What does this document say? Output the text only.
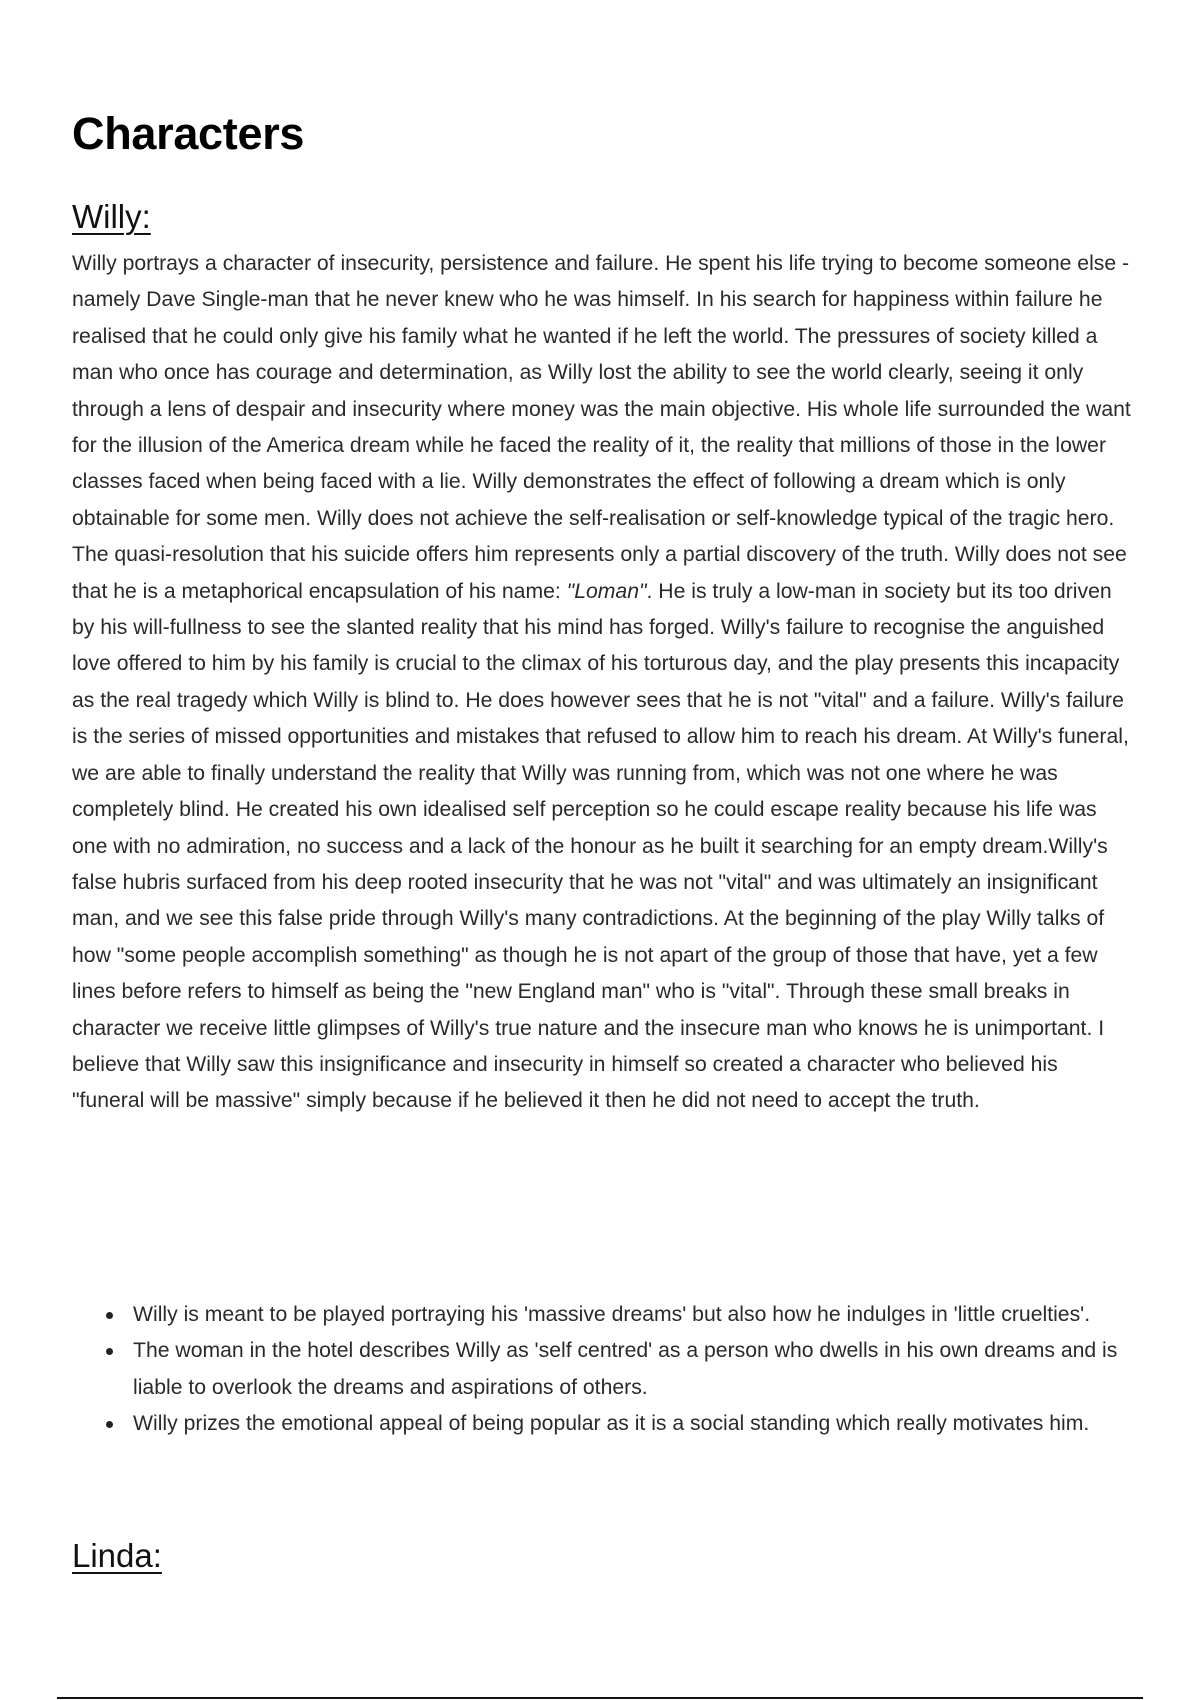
Characters
Willy:

Willy portrays a character of insecurity, persistence and failure. He spent his life trying to become someone else - namely Dave Single-man that he never knew who he was himself. In his search for happiness within failure he realised that he could only give his family what he wanted if he left the world. The pressures of society killed a man who once has courage and determination, as Willy lost the ability to see the world clearly, seeing it only through a lens of despair and insecurity where money was the main objective. His whole life surrounded the want for the illusion of the America dream while he faced the reality of it, the reality that millions of those in the lower classes faced when being faced with a lie. Willy demonstrates the effect of following a dream which is only obtainable for some men. Willy does not achieve the self-realisation or self-knowledge typical of the tragic hero. The quasi-resolution that his suicide offers him represents only a partial discovery of the truth. Willy does not see that he is a metaphorical encapsulation of his name: "Loman". He is truly a low-man in society but its too driven by his will-fullness to see the slanted reality that his mind has forged. Willy's failure to recognise the anguished love offered to him by his family is crucial to the climax of his torturous day, and the play presents this incapacity as the real tragedy which Willy is blind to. He does however sees that he is not "vital" and a failure. Willy's failure is the series of missed opportunities and mistakes that refused to allow him to reach his dream. At Willy's funeral, we are able to finally understand the reality that Willy was running from, which was not one where he was completely blind. He created his own idealised self perception so he could escape reality because his life was one with no admiration, no success and a lack of the honour as he built it searching for an empty dream.Willy's false hubris surfaced from his deep rooted insecurity that he was not "vital" and was ultimately an insignificant man, and we see this false pride through Willy's many contradictions. At the beginning of the play Willy talks of how "some people accomplish something" as though he is not apart of the group of those that have, yet a few lines before refers to himself as being the "new England man" who is "vital". Through these small breaks in character we receive little glimpses of Willy's true nature and the insecure man who knows he is unimportant. I believe that Willy saw this insignificance and insecurity in himself so created a character who believed his "funeral will be massive" simply because if he believed it then he did not need to accept the truth.

Willy is meant to be played portraying his 'massive dreams' but also how he indulges in 'little cruelties'.
The woman in the hotel describes Willy as 'self centred' as a person who dwells in his own dreams and is liable to overlook the dreams and aspirations of others.
Willy prizes the emotional appeal of being popular as it is a social standing which really motivates him.
Linda:
